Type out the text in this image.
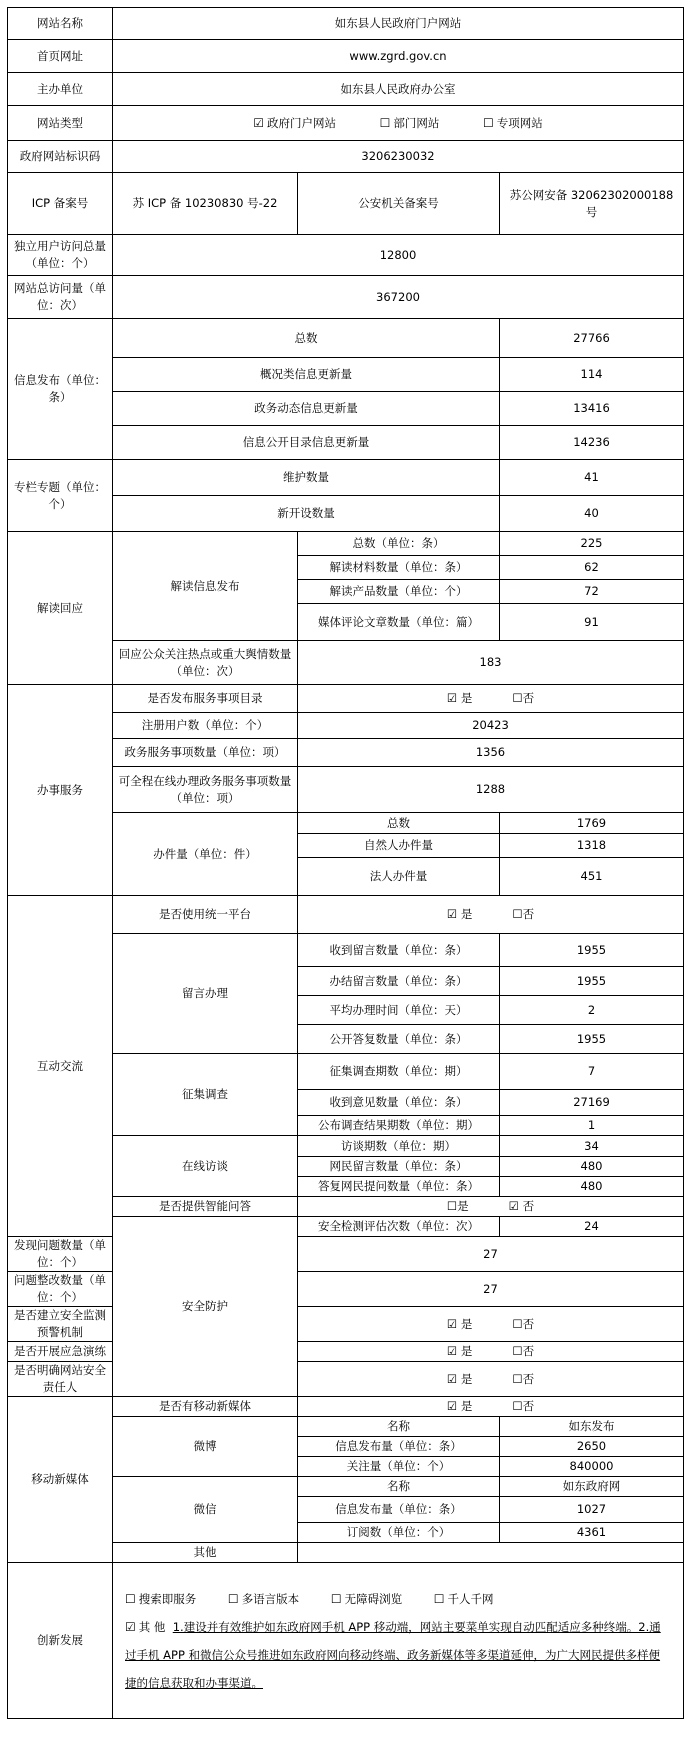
网站名称	如东县人民政府门户网站		
首页网址	www.zgrd.gov.cn		
主办单位	如东县人民政府办公室		
网站类型	☑ 政府门户网站 ☐ 部门网站 ☐ 专项网站		
政府网站标识码	3206230032		
ICP 备案号	苏 ICP 备 10230830 号-22	公安机关备案号	苏公网安备 32062302000188 号
独立用户访问总量（单位：个）	12800		
网站总访问量（单位：次）	367200		
信息发布（单位：条）	总数		27766
	概况类信息更新量		114
	政务动态信息更新量		13416
	信息公开目录信息更新量		14236
专栏专题（单位：个）	维护数量		41
	新开设数量		40
解读回应	解读信息发布	总数（单位：条）	225
		解读材料数量（单位：条）	62
		解读产品数量（单位：个）	72
		媒体评论文章数量（单位：篇）	91
	回应公众关注热点或重大舆情数量（单位：次）	183	
办事服务	是否发布服务事项目录	☑ 是 ☐否	
	注册用户数（单位：个）	20423	
	政务服务事项数量（单位：项）	1356	
	可全程在线办理政务服务事项数量（单位：项）	1288	
	办件量（单位：件）	总数	1769
		自然人办件量	1318
		法人办件量	451
互动交流	是否使用统一平台	☑ 是 ☐否	
	留言办理	收到留言数量（单位：条）	1955
		办结留言数量（单位：条）	1955
		平均办理时间（单位：天）	2
		公开答复数量（单位：条）	1955
	征集调查	征集调查期数（单位：期）	7
		收到意见数量（单位：条）	27169
		公布调查结果期数（单位：期）	1
	在线访谈	访谈期数（单位：期）	34
		网民留言数量（单位：条）	480
		答复网民提问数量（单位：条）	480
	是否提供智能问答	☐是 ☑ 否	
	安全防护	安全检测评估次数（单位：次）	24
发现问题数量（单位：个）		27	
问题整改数量（单位：个）		27	
是否建立安全监测预警机制		☑ 是 ☐否	
是否开展应急演练		☑ 是 ☐否	
是否明确网站安全责任人		☑ 是 ☐否	
移动新媒体	是否有移动新媒体	☑ 是 ☐否	
	微博	名称	如东发布
		信息发布量（单位：条）	2650
		关注量（单位：个）	840000
	微信	名称	如东政府网
		信息发布量（单位：条）	1027
		订阅数（单位：个）	4361
	其他		
创新发展	☐ 搜索即服务 ☐ 多语言版本 ☐ 无障碍浏览 ☐ 千人千网
☑ 其 他 1.建设并有效维护如东政府网手机 APP 移动端，网站主要菜单实现自动匹配适应多种终端。2.通过手机 APP 和微信公众号推进如东政府网向移动终端、政务新媒体等多渠道延伸，为广大网民提供多样便捷的信息获取和办事渠道。		
